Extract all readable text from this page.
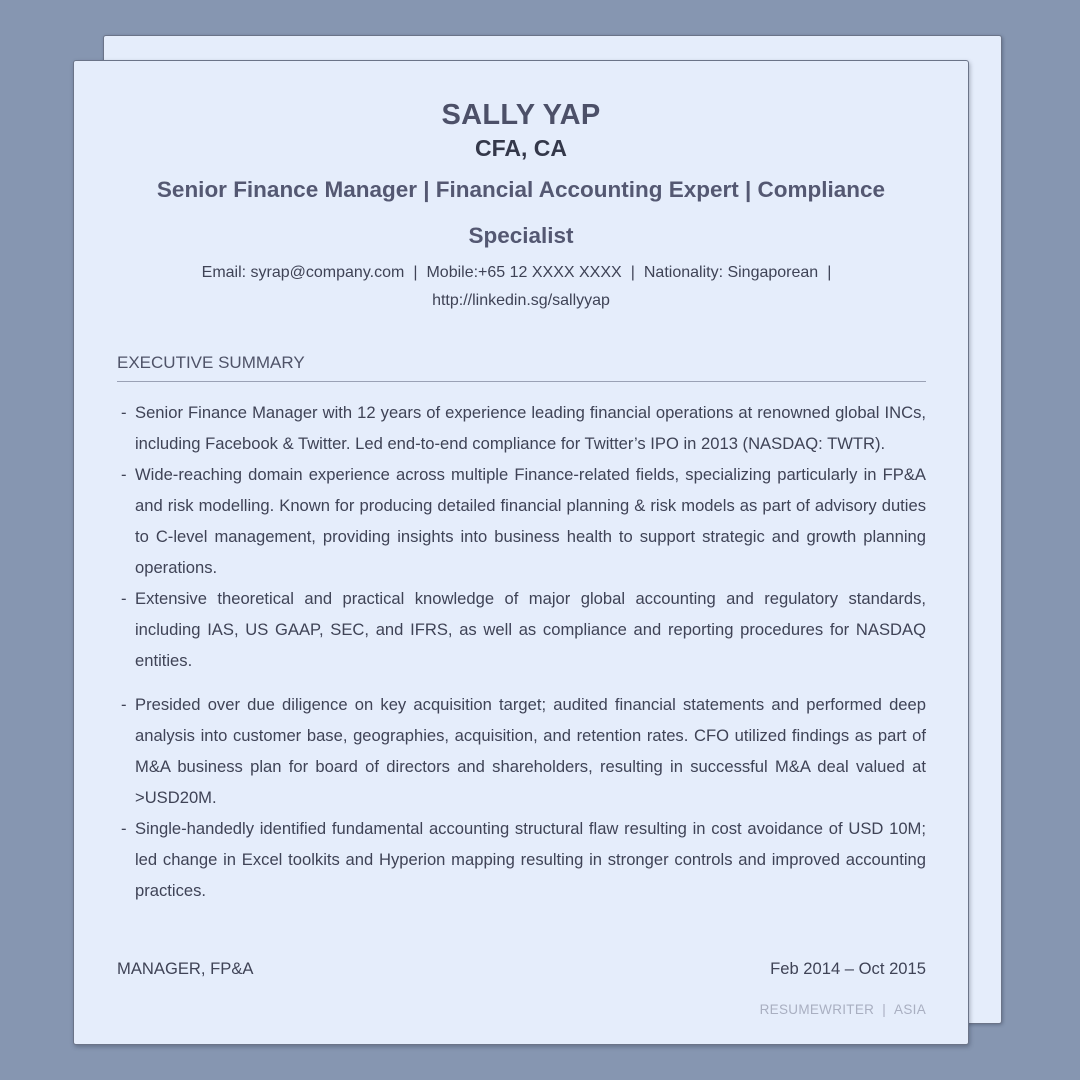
SALLY YAP
CFA, CA
Senior Finance Manager | Financial Accounting Expert | Compliance
Specialist
Email: syrap@company.com | Mobile:+65 12 XXXX XXXX | Nationality: Singaporean |
http://linkedin.sg/sallyyap
EXECUTIVE SUMMARY
- Senior Finance Manager with 12 years of experience leading financial operations at renowned global INCs, including Facebook & Twitter. Led end-to-end compliance for Twitter’s IPO in 2013 (NASDAQ: TWTR).
- Wide-reaching domain experience across multiple Finance-related fields, specializing particularly in FP&A and risk modelling. Known for producing detailed financial planning & risk models as part of advisory duties to C-level management, providing insights into business health to support strategic and growth planning operations.
- Extensive theoretical and practical knowledge of major global accounting and regulatory standards, including IAS, US GAAP, SEC, and IFRS, as well as compliance and reporting procedures for NASDAQ entities.
- Presided over due diligence on key acquisition target; audited financial statements and performed deep analysis into customer base, geographies, acquisition, and retention rates. CFO utilized findings as part of M&A business plan for board of directors and shareholders, resulting in successful M&A deal valued at >USD20M.
- Single-handedly identified fundamental accounting structural flaw resulting in cost avoidance of USD 10M; led change in Excel toolkits and Hyperion mapping resulting in stronger controls and improved accounting practices.
MANAGER, FP&A	Feb 2014 – Oct 2015
RESUMEWRITER | ASIA
